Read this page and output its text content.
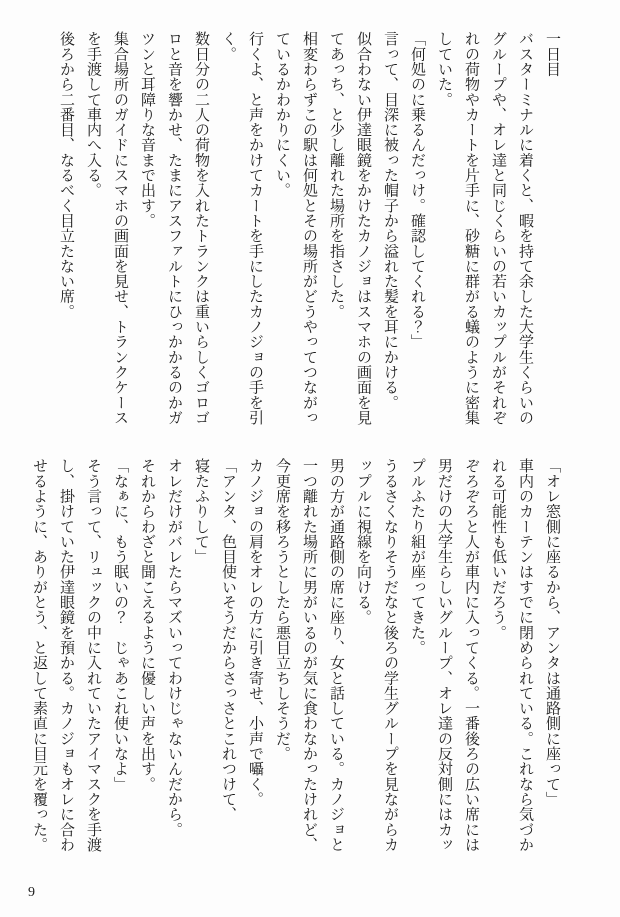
一日目

バスターミナルに着くと、暇を持て余した大学生くらいの

グループや、オレ達と同じくらいの若いカップルがそれぞ

れの荷物やカートを片手に、砂糖に群がる蟻のように密集

していた。

「何処のに乗るんだっけ。確認してくれる？」

言って、目深に被った帽子から溢れた髪を耳にかける。

似合わない伊達眼鏡をかけたカノジョはスマホの画面を見

てあっち、と少し離れた場所を指さした。

相変わらずこの駅は何処とその場所がどうやってつながっ

ているかわかりにくい。

行くよ、と声をかけてカートを手にしたカノジョの手を引

く。

数日分の二人の荷物を入れたトランクは重いらしくゴロゴ

ロと音を響かせ、たまにアスファルトにひっかかるのかガ

ツンと耳障りな音まで出す。

集合場所のガイドにスマホの画面を見せ、トランクケース

を手渡して車内へ入る。

後ろから二番目、なるべく目立たない席。

「オレ窓側に座るから、アンタは通路側に座って」

車内のカーテンはすでに閉められている。これなら気づか

れる可能性も低いだろう。

ぞろぞろと人が車内に入ってくる。一番後ろの広い席には

男だけの大学生らしいグループ、オレ達の反対側にはカッ

プルふたり組が座ってきた。

うるさくなりそうだなと後ろの学生グループを見ながらカ

ップルに視線を向ける。

男の方が通路側の席に座り、女と話している。カノジョと

一つ離れた場所に男がいるのが気に食わなかったけれど、

今更席を移ろうとしたら悪目立ちしそうだ。

カノジョの肩をオレの方に引き寄せ、小声で囁く。

「アンタ、色目使いそうだからさっさとこれつけて、

寝たふりして」

オレだけがバレたらマズいってわけじゃないんだから。

それからわざと聞こえるように優しい声を出す。

「なぁに、もう眠いの？　じゃあこれ使いなよ」

そう言って、リュックの中に入れていたアイマスクを手渡

し、掛けていた伊達眼鏡を預かる。カノジョもオレに合わ

せるように、ありがとう、と返して素直に目元を覆った。

9
